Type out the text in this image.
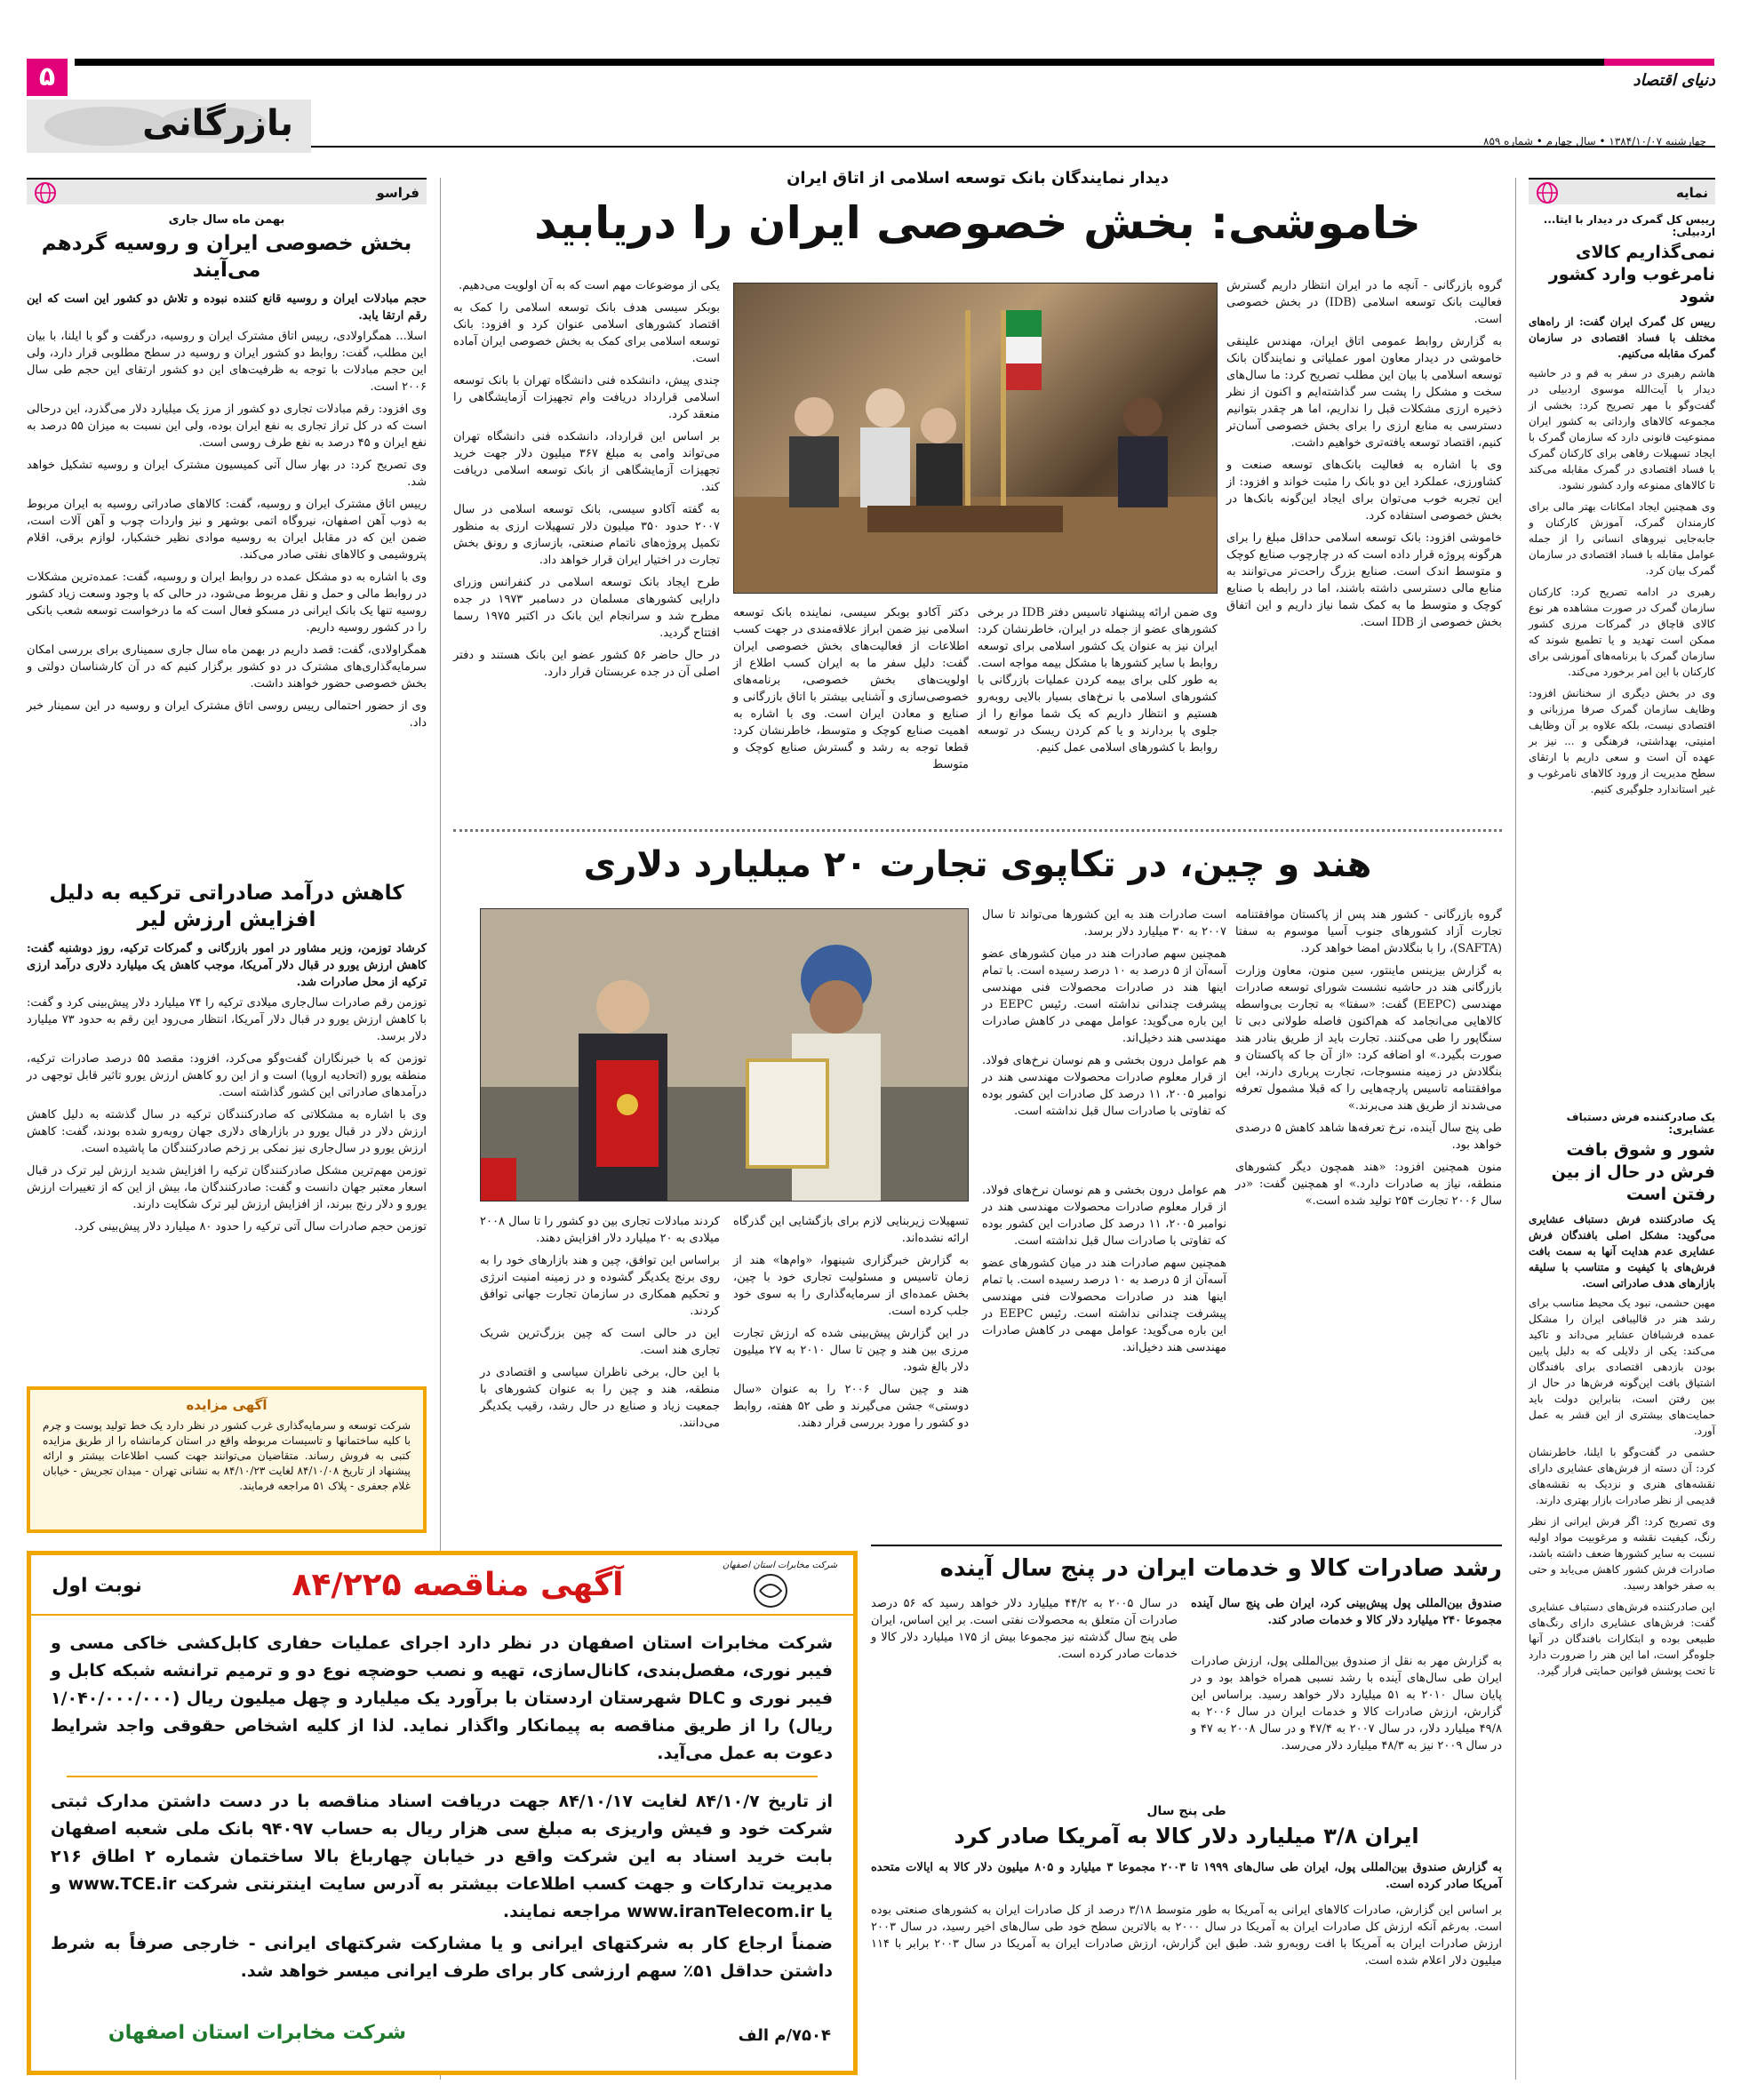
۵	دنیای اقتصاد
بازرگانی	چهارشنبه ۱۳۸۴/۱۰/۰۷ ‌• سال چهارم • شماره ۸۵۹
فراسو
بهمن ماه سال جاری
بخش خصوصی ایران و روسیه گردهم می‌آیند
حجم مبادلات ایران و روسیه قانع کننده نبوده و تلاش دو کشور این است که این رقم ارتقا یابد.

اسلا... همگراولادی، رییس اتاق مشترک ایران و روسیه، درگفت و گو با ایلنا، با بیان این مطلب، گفت: روابط دو کشور ایران و روسیه در سطح مطلوبی قرار دارد، ولی این حجم مبادلات با توجه به ظرفیت‌های این دو کشور ارتقای این حجم طی سال ۲۰۰۶ است.

وی افزود: رقم مبادلات تجاری دو کشور از مرز یک میلیارد دلار می‌گذرد، این درحالی است که در کل تراز تجاری به نفع ایران بوده، ولی این نسبت به میزان ۵۵ درصد به نفع ایران و ۴۵ درصد به نفع طرف روسی است.

وی تصریح کرد: در بهار سال آتی کمیسیون مشترک ایران و روسیه تشکیل خواهد شد.

رییس اتاق مشترک ایران و روسیه، گفت: کالاهای صادراتی روسیه به ایران مربوط به ذوب آهن اصفهان، نیروگاه اتمی بوشهر و نیز واردات چوب و آهن آلات است، ضمن این که در مقابل ایران به روسیه موادی نظیر خشکبار، لوازم برقی، اقلام پتروشیمی و کالاهای نفتی صادر می‌کند.

وی با اشاره به دو مشکل عمده در روابط ایران و روسیه، گفت: عمده‌ترین مشکلات در روابط مالی و حمل و نقل مربوط می‌شود، در حالی که با وجود وسعت زیاد کشور روسیه تنها یک بانک ایرانی در مسکو فعال است که ما درخواست توسعه شعب بانکی را در کشور روسیه داریم.

همگراولادی، گفت: قصد داریم در بهمن ماه سال جاری سمیناری برای بررسی امکان سرمایه‌گذاری‌های مشترک در دو کشور برگزار کنیم که در آن کارشناسان دولتی و بخش خصوصی حضور خواهند داشت.

وی از حضور احتمالی رییس روسی اتاق مشترک ایران و روسیه در این سمینار خبر داد.

کاهش درآمد صادراتی ترکیه به دلیل افزایش ارزش لیر
کرشاد توزمن، وزیر مشاور در امور بازرگانی و گمرکات ترکیه، روز دوشنبه گفت: کاهش ارزش یورو در قبال دلار آمریکا، موجب کاهش یک میلیارد دلاری درآمد ارزی ترکیه از محل صادرات شد.

توزمن رقم صادرات سال‌جاری میلادی ترکیه را ۷۴ میلیارد دلار پیش‌بینی کرد و گفت: با کاهش ارزش یورو در قبال دلار آمریکا، انتظار می‌رود این رقم به حدود ۷۳ میلیارد دلار برسد.

توزمن که با خبرنگاران گفت‌وگو می‌کرد، افزود: مقصد ۵۵ درصد صادرات ترکیه، منطقه یورو (اتحادیه اروپا) است و از این رو کاهش ارزش یورو تاثیر قابل توجهی در درآمدهای صادراتی این کشور گذاشته است.

وی با اشاره به مشکلاتی که صادرکنندگان ترکیه در سال گذشته به دلیل کاهش ارزش دلار در قبال یورو در بازارهای دلاری جهان روبه‌رو شده بودند، گفت: کاهش ارزش یورو در سال‌جاری نیز نمکی بر زخم صادرکنندگان ما پاشیده است.

توزمن مهم‌ترین مشکل صادرکنندگان ترکیه را افزایش شدید ارزش لیر ترک در قبال اسعار معتبر جهان دانست و گفت: صادرکنندگان ما، بیش از این که از تغییرات ارزش یورو و دلار رنج ببرند، از افزایش ارزش لیر ترک شکایت دارند.

توزمن حجم صادرات سال آتی ترکیه را حدود ۸۰ میلیارد دلار پیش‌بینی کرد.

آگهی مزایده
شرکت توسعه و سرمایه‌گذاری غرب کشور در نظر دارد یک خط تولید پوست و چرم با کلیه ساختمانها و تاسیسات مربوطه واقع در استان کرمانشاه را از طریق مزایده کتبی به فروش رساند. متقاضیان می‌توانند جهت کسب اطلاعات بیشتر و ارائه پیشنهاد از تاریخ ۸۴/۱۰/۰۸ لغایت ۸۴/۱۰/۲۳ به نشانی تهران - میدان تجریش - خیابان غلام جعفری - پلاک ۵۱ مراجعه فرمایند.
نمایه
رییس کل گمرک در دیدار با ایتا... اردبیلی:
نمی‌گذاریم کالای نامرغوب وارد کشور شود
رییس کل گمرک ایران گفت: از راه‌های مختلف با فساد اقتصادی در سازمان گمرک مقابله می‌کنیم.

هاشم رهبری در سفر به قم و در حاشیه دیدار با آیت‌الله موسوی اردبیلی در گفت‌وگو با مهر تصریح کرد: بخشی از مجموعه کالاهای وارداتی به کشور ایران ممنوعیت قانونی دارد که سازمان گمرک با ایجاد تسهیلات رفاهی برای کارکنان گمرک با فساد اقتصادی در گمرک مقابله می‌کند تا کالاهای ممنوعه وارد کشور نشود.

وی همچنین ایجاد امکانات بهتر مالی برای کارمندان گمرک، آموزش کارکنان و جابه‌جایی نیروهای انسانی را از جمله عوامل مقابله با فساد اقتصادی در سازمان گمرک بیان کرد.

رهبری در ادامه تصریح کرد: کارکنان سازمان گمرک در صورت مشاهده هر نوع کالای قاچاق در گمرکات مرزی کشور ممکن است تهدید و یا تطمیع شوند که سازمان گمرک با برنامه‌های آموزشی برای کارکنان با این امر برخورد می‌کند.

وی در بخش دیگری از سخنانش افزود: وظایف سازمان گمرک صرفا مرزبانی و اقتصادی نیست، بلکه علاوه بر آن وظایف امنیتی، بهداشتی، فرهنگی و ... نیز بر عهده آن است و سعی داریم با ارتقای سطح مدیریت از ورود کالاهای نامرغوب و غیر استاندارد جلوگیری کنیم.

یک صادرکننده فرش دستباف عشایری:
شور و شوق بافت فرش در حال از بین رفتن است
یک صادرکننده فرش دستباف عشایری می‌گوید: مشکل اصلی بافندگان فرش عشایری عدم هدایت آنها به سمت بافت فرش‌های با کیفیت و متناسب با سلیقه بازارهای هدف صادراتی است.

مهین حشمی، نبود یک محیط مناسب برای رشد هنر در قالیبافی ایران را مشکل عمده فرشبافان عشایر می‌داند و تاکید می‌کند: یکی از دلایلی که به دلیل پایین بودن بازدهی اقتصادی برای بافندگان اشتیاق بافت این‌گونه فرش‌ها در حال از بین رفتن است، بنابراین دولت باید حمایت‌های بیشتری از این قشر به عمل آورد.

حشمی در گفت‌وگو با ایلنا، خاطرنشان کرد: آن دسته از فرش‌های عشایری دارای نقشه‌های هنری و نزدیک به نقشه‌های قدیمی از نظر صادرات بازار بهتری دارند.

وی تصریح کرد: اگر فرش ایرانی از نظر رنگ، کیفیت نقشه و مرغوبیت مواد اولیه نسبت به سایر کشورها ضعف داشته باشد، صادرات فرش کشور کاهش می‌یابد و حتی به صفر خواهد رسید.

این صادرکننده فرش‌های دستباف عشایری گفت: فرش‌های عشایری دارای رنگ‌های طبیعی بوده و ابتکارات بافندگان در آنها جلوه‌گر است، اما این هنر را ضرورت دارد تا تحت پوشش قوانین حمایتی قرار گیرد.

دیدار نمایندگان بانک توسعه اسلامی از اتاق ایران
خاموشی: بخش خصوصی ایران را دریابید

گروه بازرگانی - آنچه ما در ایران انتظار داریم گسترش فعالیت بانک توسعه اسلامی (IDB) در بخش خصوصی است.

به گزارش روابط عمومی اتاق ایران، مهندس علینقی خاموشی در دیدار معاون امور عملیاتی و نمایندگان بانک توسعه اسلامی با بیان این مطلب تصریح کرد: ما سال‌های سخت و مشکل را پشت سر گذاشته‌ایم و اکنون از نظر ذخیره ارزی مشکلات قبل را نداریم، اما هر چقدر بتوانیم دسترسی به منابع ارزی را برای بخش خصوصی آسان‌تر کنیم، اقتصاد توسعه یافته‌تری خواهیم داشت.

وی با اشاره به فعالیت بانک‌های توسعه صنعت و کشاورزی، عملکرد این دو بانک را مثبت خواند و افزود: از این تجربه خوب می‌توان برای ایجاد این‌گونه بانک‌ها در بخش خصوصی استفاده کرد.

خاموشی افزود: بانک توسعه اسلامی حداقل مبلغ را برای هرگونه پروژه قرار داده است که در چارچوب صنایع کوچک و متوسط اندک است. صنایع بزرگ راحت‌تر می‌توانند به منابع مالی دسترسی داشته باشند، اما در رابطه با صنایع کوچک و متوسط ما به کمک شما نیاز داریم و این اتفاق بخش خصوصی از IDB است.

یکی از موضوعات مهم است که به آن اولویت می‌دهیم.

بوبکر سیسی هدف بانک توسعه اسلامی را کمک به اقتصاد کشورهای اسلامی عنوان کرد و افزود: بانک توسعه اسلامی برای کمک به بخش خصوصی ایران آماده است.

چندی پیش، دانشکده فنی دانشگاه تهران با بانک توسعه اسلامی قرارداد دریافت وام تجهیزات آزمایشگاهی را منعقد کرد.

بر اساس این قرارداد، دانشکده فنی دانشگاه تهران می‌تواند وامی به مبلغ ۳۶۷ میلیون دلار جهت خرید تجهیزات آزمایشگاهی از بانک توسعه اسلامی دریافت کند.

به گفته آکادو سیسی، بانک توسعه اسلامی در سال ۲۰۰۷ حدود ۳۵۰ میلیون دلار تسهیلات ارزی به منظور تکمیل پروژه‌های ناتمام صنعتی، بازسازی و رونق بخش تجارت در اختیار ایران قرار خواهد داد.

طرح ایجاد بانک توسعه اسلامی در کنفرانس وزرای دارایی کشورهای مسلمان در دسامبر ۱۹۷۳ در جده مطرح شد و سرانجام این بانک در اکتبر ۱۹۷۵ رسما افتتاح گردید.

در حال حاضر ۵۶ کشور عضو این بانک هستند و دفتر اصلی آن در جده عربستان قرار دارد.

وی ضمن ارائه پیشنهاد تاسیس دفتر IDB در برخی کشورهای عضو از جمله در ایران، خاطرنشان کرد: ایران نیز به عنوان یک کشور اسلامی برای توسعه روابط با سایر کشورها با مشکل بیمه مواجه است. به طور کلی برای بیمه کردن عملیات بازرگانی با کشورهای اسلامی با نرخ‌های بسیار بالایی روبه‌رو هستیم و انتظار داریم که یک شما موانع را از جلوی پا بردارند و یا کم کردن ریسک در توسعه روابط با کشورهای اسلامی عمل کنیم.
دکتر آکادو بوبکر سیسی، نماینده بانک توسعه اسلامی نیز ضمن ابراز علاقه‌مندی در جهت کسب اطلاعات از فعالیت‌های بخش خصوصی ایران گفت: دلیل سفر ما به ایران کسب اطلاع از اولویت‌های بخش خصوصی، برنامه‌های خصوصی‌سازی و آشنایی بیشتر با اتاق بازرگانی و صنایع و معادن ایران است. وی با اشاره به اهمیت صنایع کوچک و متوسط، خاطرنشان کرد: قطعا توجه به رشد و گسترش صنایع کوچک و متوسط
هند و چین، در تکاپوی تجارت ۲۰ میلیارد دلاری

گروه بازرگانی - کشور هند پس از پاکستان موافقتنامه تجارت آزاد کشورهای جنوب آسیا موسوم به سفتا (SAFTA)، را با بنگلادش امضا خواهد کرد.

به گزارش بیزینس ماینتور، سین منون، معاون وزارت بازرگانی هند در حاشیه نشست شورای توسعه صادرات مهندسی (EEPC) گفت: «سفتا» به تجارت بی‌واسطه کالاهایی می‌انجامد که هم‌اکنون فاصله طولانی دبی تا سنگاپور را طی می‌کنند. تجارت باید از طریق بنادر هند صورت بگیرد.» او اضافه کرد: «از آن جا که پاکستان و بنگلادش در زمینه منسوجات، تجارت پرباری دارند، این موافقتنامه تاسیس پارچه‌هایی را که قبلا مشمول تعرفه می‌شدند از طریق هند می‌برند.»

طی پنج سال آینده، نرخ تعرفه‌ها شاهد کاهش ۵ درصدی خواهد بود.

منون همچنین افزود: «هند همچون دیگر کشورهای منطقه، نیاز به صادرات دارد.» او همچنین گفت: «در سال ۲۰۰۶ تجارت ۲۵۴ تولید شده است.»

است صادرات هند به این کشورها می‌تواند تا سال ۲۰۰۷ به ۳۰ میلیارد دلار برسد.

همچنین سهم صادرات هند در میان کشورهای عضو آسه‌آن از ۵ درصد به ۱۰ درصد رسیده است. با تمام اینها هند در صادرات محصولات فنی مهندسی پیشرفت چندانی نداشته است. رئیس EEPC در این باره می‌گوید: عوامل مهمی در کاهش صادرات مهندسی هند دخیل‌اند.

هم عوامل درون بخشی و هم نوسان نرخ‌های فولاد. از قرار معلوم صادرات محصولات مهندسی هند در نوامبر ۲۰۰۵، ۱۱ درصد کل صادرات این کشور بوده که تفاوتی با صادرات سال قبل نداشته است.

تسهیلات زیربنایی لازم برای بازگشایی این گذرگاه ارائه نشده‌اند.

به گزارش خبرگزاری شینهوا، «وام‌ها» هند از زمان تاسیس و مسئولیت تجاری خود با چین، بخش عمده‌ای از سرمایه‌گذاری را به سوی خود جلب کرده است.

در این گزارش پیش‌بینی شده که ارزش تجارت مرزی بین هند و چین تا سال ۲۰۱۰ به ۲۷ میلیون دلار بالغ شود.

هند و چین سال ۲۰۰۶ را به عنوان «سال دوستی» جشن می‌گیرند و طی ۵۲ هفته، روابط دو کشور را مورد بررسی قرار دهند.

کردند مبادلات تجاری بین دو کشور را تا سال ۲۰۰۸ میلادی به ۲۰ میلیارد دلار افزایش دهند.

براساس این توافق، چین و هند بازارهای خود را به روی برنج یکدیگر گشوده و در زمینه امنیت انرژی و تحکیم همکاری در سازمان تجارت جهانی توافق کردند.

این در حالی است که چین بزرگ‌ترین شریک تجاری هند است.

با این حال، برخی ناظران سیاسی و اقتصادی در منطقه، هند و چین را به عنوان کشورهای با جمعیت زیاد و صنایع در حال رشد، رقیب یکدیگر می‌دانند.

هم عوامل درون بخشی و هم نوسان نرخ‌های فولاد. از قرار معلوم صادرات محصولات مهندسی هند در نوامبر ۲۰۰۵، ۱۱ درصد کل صادرات این کشور بوده که تفاوتی با صادرات سال قبل نداشته است.

همچنین سهم صادرات هند در میان کشورهای عضو آسه‌آن از ۵ درصد به ۱۰ درصد رسیده است. با تمام اینها هند در صادرات محصولات فنی مهندسی پیشرفت چندانی نداشته است. رئیس EEPC در این باره می‌گوید: عوامل مهمی در کاهش صادرات مهندسی هند دخیل‌اند.

رشد صادرات کالا و خدمات ایران در پنج سال آینده
صندوق بین‌المللی پول پیش‌بینی کرد، ایران طی پنج سال آینده مجموعا ۲۴۰ میلیارد دلار کالا و خدمات صادر کند.
به گزارش مهر به نقل از صندوق بین‌المللی پول، ارزش صادرات ایران طی سال‌های آینده با رشد نسبی همراه خواهد بود و در پایان سال ۲۰۱۰ به ۵۱ میلیارد دلار خواهد رسید. براساس این گزارش، ارزش صادرات کالا و خدمات ایران در سال ۲۰۰۶ به ۴۹/۸ میلیارد دلار، در سال ۲۰۰۷ به ۴۷/۴ و در سال ۲۰۰۸ به ۴۷ و در سال ۲۰۰۹ نیز به ۴۸/۳ میلیارد دلار می‌رسد.
در سال ۲۰۰۵ به ۴۴/۲ میلیارد دلار خواهد رسید که ۵۶ درصد صادرات آن متعلق به محصولات نفتی است. بر این اساس، ایران طی پنج سال گذشته نیز مجموعا بیش از ۱۷۵ میلیارد دلار کالا و خدمات صادر کرده است.
طی پنج سال
ایران ۳/۸ میلیارد دلار کالا به آمریکا صادر کرد
به گزارش صندوق بین‌المللی پول، ایران طی سال‌های ۱۹۹۹ تا ۲۰۰۳ مجموعا ۳ میلیارد و ۸۰۵ میلیون دلار کالا به ایالات متحده آمریکا صادر کرده است.
بر اساس این گزارش، صادرات کالاهای ایرانی به آمریکا به طور متوسط ۳/۱۸ درصد از کل صادرات ایران به کشورهای صنعتی بوده است. به‌رغم آنکه ارزش کل صادرات ایران به آمریکا در سال ۲۰۰۰ به بالاترین سطح خود طی سال‌های اخیر رسید، در سال ۲۰۰۳ ارزش صادرات ایران به آمریکا با افت روبه‌رو شد. طبق این گزارش، ارزش صادرات ایران به آمریکا در سال ۲۰۰۳ برابر با ۱۱۴ میلیون دلار اعلام شده است.
نوبت اول	آگهی مناقصه ۸۴/۲۲۵
شرکت مخابرات استان اصفهان
شرکت مخابرات استان اصفهان در نظر دارد اجرای عملیات حفاری کابل‌کشی خاکی مسی و فیبر نوری، مفصل‌بندی، کانال‌سازی، تهیه و نصب حوضچه نوع دو و ترمیم ترانشه شبکه کابل و فیبر نوری و DLC شهرستان اردستان با برآورد یک میلیارد و چهل میلیون ریال (۱/۰۴۰/۰۰۰/۰۰۰ ریال) را از طریق مناقصه به پیمانکار واگذار نماید. لذا از کلیه اشخاص حقوقی واجد شرایط دعوت به عمل می‌آید.
از تاریخ ۸۴/۱۰/۷ لغایت ۸۴/۱۰/۱۷ جهت دریافت اسناد مناقصه با در دست داشتن مدارک ثبتی شرکت خود و فیش واریزی به مبلغ سی هزار ریال به حساب ۹۴۰۹۷ بانک ملی شعبه اصفهان بابت خرید اسناد به این شرکت واقع در خیابان چهارباغ بالا ساختمان شماره ۲ اطاق ۲۱۶ مدیریت تدارکات و جهت کسب اطلاعات بیشتر به آدرس سایت اینترنتی شرکت www.TCE.ir و یا www.iranTelecom.ir مراجعه نمایند.
ضمناً ارجاع کار به شرکتهای ایرانی و یا مشارکت شرکتهای ایرانی - خارجی صرفاً به شرط داشتن حداقل ۵۱٪ سهم ارزشی کار برای طرف ایرانی میسر خواهد شد.
شرکت مخابرات استان اصفهان	۷۵۰۴/م الف
